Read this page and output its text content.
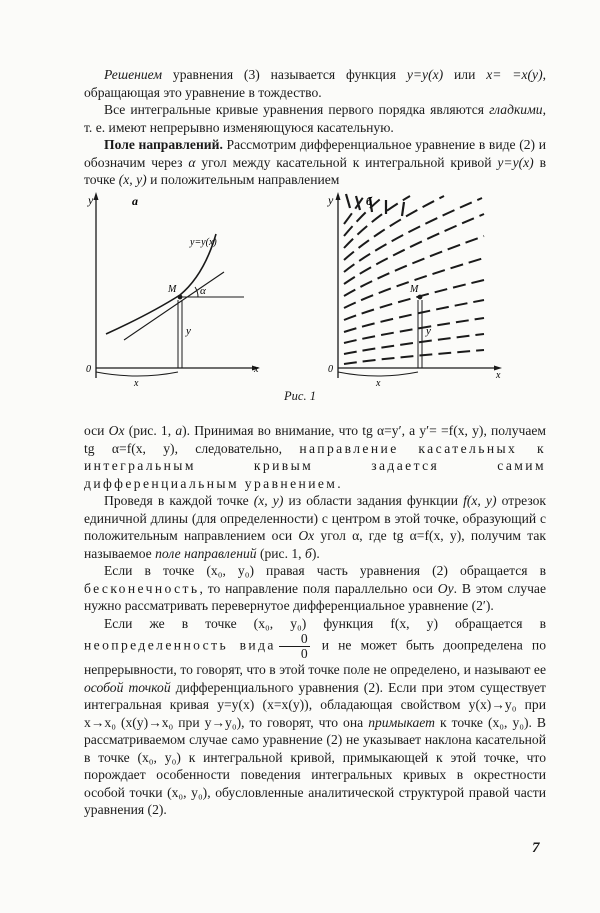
Решением уравнения (3) называется функция y=y(x) или x= =x(y), обращающая это уравнение в тождество.

Все интегральные кривые уравнения первого порядка являются гладкими, т. е. имеют непрерывно изменяющуюся касательную.

Поле направлений. Рассмотрим дифференциальное уравнение в виде (2) и обозначим через α угол между касательной к интегральной кривой y=y(x) в точке (x, y) и положительным направлением

y	а
y=y(x)
M α
y
0
x
x
y	б
M
y
0
x
x
Рис. 1

оси Ox (рис. 1, а). Принимая во внимание, что tg α=y′, а y′= =f(x, y), получаем tg α=f(x, y), следовательно, направление касательных к интегральным кривым задается самим дифференциальным уравнением.

Проведя в каждой точке (x, y) из области задания функции f(x, y) отрезок единичной длины (для определенности) с центром в этой точке, образующий с положительным направлением оси Ox угол α, где tg α=f(x, y), получим так называемое поле направлений (рис. 1, б).

Если в точке (x₀, y₀) правая часть уравнения (2) обращается в бесконечность, то направление поля параллельно оси Oy. В этом случае нужно рассматривать перевернутое дифференциальное уравнение (2′).

Если же в точке (x₀, y₀) функция f(x, y) обращается в неопределенность вида $\frac{0}{0}$ и не может быть доопределена по непрерывности, то говорят, что в этой точке поле не определено, и называют ее особой точкой дифференциального уравнения (2). Если при этом существует интегральная кривая y=y(x) (x=x(y)), обладающая свойством y(x)→y₀ при x→x₀ (x(y)→x₀ при y→y₀), то говорят, что она примыкает к точке (x₀, y₀). В рассматриваемом случае само уравнение (2) не указывает наклона касательной в точке (x₀, y₀) к интегральной кривой, примыкающей к этой точке, что порождает особенности поведения интегральных кривых в окрестности особой точки (x₀, y₀), обусловленные аналитической структурой правой части уравнения (2).

7
